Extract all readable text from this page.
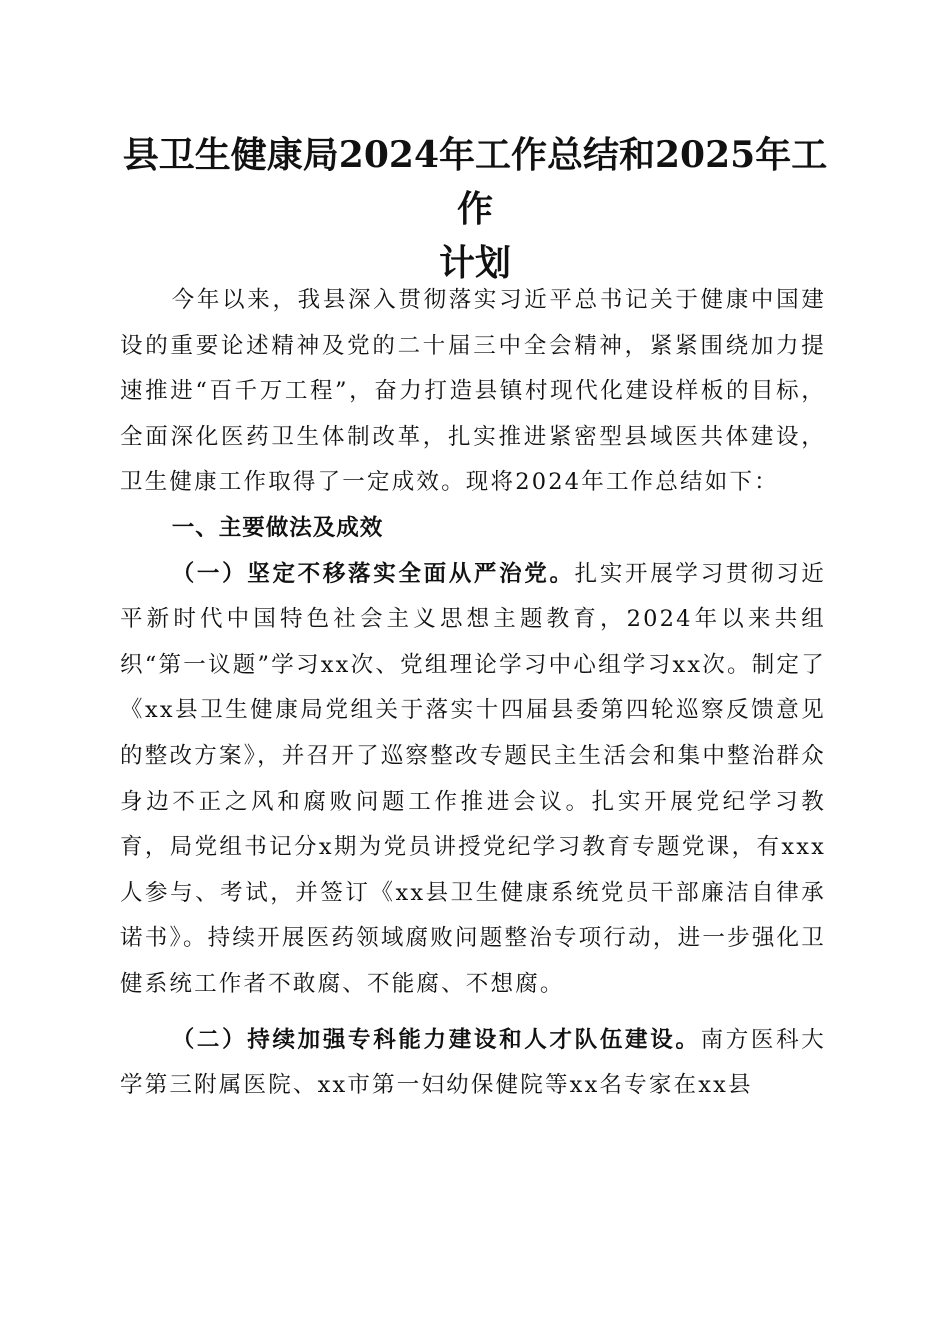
县卫生健康局2024年工作总结和2025年工作
计划

今年以来，我县深入贯彻落实习近平总书记关于健康中国建设的重要论述精神及党的二十届三中全会精神，紧紧围绕加力提速推进“百千万工程”，奋力打造县镇村现代化建设样板的目标，全面深化医药卫生体制改革，扎实推进紧密型县域医共体建设，卫生健康工作取得了一定成效。现将2024年工作总结如下：

一、主要做法及成效

（一）坚定不移落实全面从严治党。扎实开展学习贯彻习近平新时代中国特色社会主义思想主题教育，2024年以来共组织“第一议题”学习xx次、党组理论学习中心组学习xx次。制定了《xx县卫生健康局党组关于落实十四届县委第四轮巡察反馈意见的整改方案》，并召开了巡察整改专题民主生活会和集中整治群众身边不正之风和腐败问题工作推进会议。扎实开展党纪学习教育，局党组书记分x期为党员讲授党纪学习教育专题党课，有xxx人参与、考试，并签订《xx县卫生健康系统党员干部廉洁自律承诺书》。持续开展医药领域腐败问题整治专项行动，进一步强化卫健系统工作者不敢腐、不能腐、不想腐。

（二）持续加强专科能力建设和人才队伍建设。南方医科大学第三附属医院、xx市第一妇幼保健院等xx名专家在xx县
